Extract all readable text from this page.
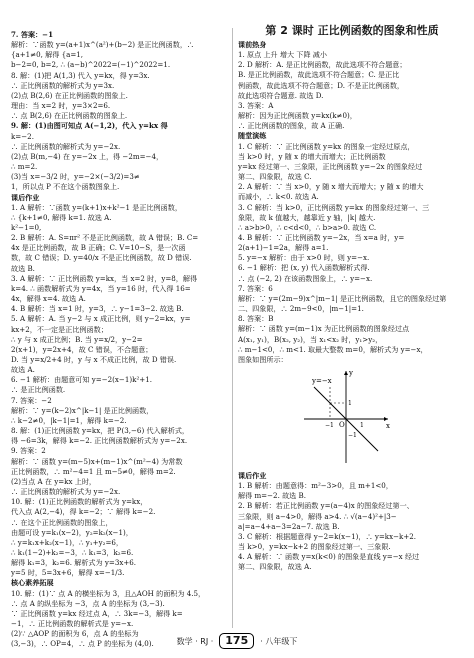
7. 答案：−1
解析：∵函数 y=(a+1)x^(a²)+(b−2) 是正比例函数，∴
{a+1≠0, 解得 {a=1,
b−2=0, b=2, ∴ (a−b)^2022=(−1)^2022=1.
8. 解：(1)把 A(1,3) 代入 y=kx，得 y=3x.
∴ 正比例函数的解析式为 y=3x.
(2)点 B(2,6) 在正比例函数的图象上.
理由：当 x=2 时，y=3×2=6.
∴ 点 B(2,6) 在正比例函数的图象上.
9. 解：(1)由图可知点 A(−1,2)，代入 y=kx 得
k=−2.
∴ 正比例函数的解析式为 y=−2x.
(2)点 B(m,−4) 在 y=−2x 上，得 −2m=−4，
∴ m=2.
(3)当 x=−3/2 时，y=−2×(−3/2)=3≠
1，所以点 P 不在这个函数图象上.
课后作业
1. A 解析：∵函数 y=(k+1)x+k²−1 是正比例函数，
∴ {k+1≠0, 解得 k=1. 故选 A.
k²−1=0,
2. B 解析：A. S=πr² 不是正比例函数，故 A 错误；B. C=
4x 是正比例函数，故 B 正确；C. V=10−S，是一次函
数，故 C 错误；D. y=40/x 不是正比例函数，故 D 错误.
故选 B.
3. A 解析：∵ 正比例函数 y=kx，当 x=2 时，y=8，解得
k=4. ∴ 函数解析式为 y=4x，当 y=16 时，代入得 16=
4x，解得 x=4. 故选 A.
4. B 解析：当 x=1 时，y=3，∴ y−1=3−2. 故选 B.
5. A 解析：A. 当 y−2 与 x 成正比例，则 y−2=kx，y=
kx+2，不一定是正比例函数；
∴ y 与 x 成正比例；B. 当 y=x/2，y−2=
2(x+1)，y=2x+4，故 C 错误，不合题意；
D. 当 y=x/2+4 时，y 与 x 不成正比例，故 D 错误.
故选 A.
6. −1 解析：由题意可知 y=−2(x−1)k²+1.
∴ 是正比例函数.
7. 答案：−2
解析：∵ y=(k−2)x^|k−1| 是正比例函数，
∴ k−2≠0，|k−1|=1，解得 k=−2.
8. 解：(1)正比例函数 y=kx，把 P(3,−6) 代入解析式，
得 −6=3k，解得 k=−2. 正比例函数解析式为 y=−2x.
9. 答案：2
解析：∵ 函数 y=(m−5)x+(m−1)x^(m²−4) 为常数
正比例函数，∴ m²−4=1 且 m−5≠0，解得 m=2.
(2)当点 A 在 y=kx 上时，
∴ 正比例函数的解析式为 y=−2x.
10. 解：(1)正比例函数的解析式为 y=kx，
代入点 A(2,−4)，得 k=−2；∵ 解得 k=−2.
∴ 在这个正比例函数的图象上，
由题可设 y=k₁(x−2)，y₂=k₂(x−1)，
∴ y=k₁x+k₂(x−1)，∴ y₁+y₂=6，
∴ k₁(1−2)+k₂=−3，∴ k₁=3，k₂=6.
解得 k₁=3，k₂=6. 解析式为 y=3x+6.
y=5 时，5=3x+6，解得 x=−1/3.
核心素养拓展
10. 解：(1)∵ 点 A 的横坐标为 3，且△AOH 的面积为 4.5，
∴ 点 A 的纵坐标为 −3，点 A 的坐标为 (3,−3).
∵ 正比例函数 y=kx 经过点 A，∴ 3k=−3，解得 k=
−1，∴ 正比例函数的解析式是 y=−x.
(2)∵ △AOP 的面积为 6，点 A 的坐标为
(3,−3)，∴ OP=4，∴ 点 P 的坐标为 (4,0).
第 2 课时 正比例函数的图象和性质
课前热身
1. 原点 上升 增大 下降 减小
2. D 解析：A. 是正比例函数，故此选项不符合题意；
B. 是正比例函数，故此选项不符合题意；C. 是正比
例函数，故此选项不符合题意；D. 不是正比例函数，
故此选项符合题意. 故选 D.
3. 答案：A
解析：因为正比例函数 y=kx(k≠0)，
∴ 正比例函数的图象，故 A 正确.
随堂演练
1. C 解析：∵ 正比例函数 y=kx 的图象一定经过原点，
当 k>0 时，y 随 x 的增大而增大；正比例函数
y=kx 经过第一、三象限，正比例函数 y=−2x 的图象经过
第二、四象限，故选 C.
2. A 解析：∵ 当 x>0，y 随 x 增大而增大；y 随 x 的增大
而减小，∴ k<0. 故选 A.
3. C 解析：当 k>0，正比例函数 y=kx 的图象经过第一、三
象限，故 k 值越大，越靠近 y 轴，|k| 越大.
∴ a>b>0，∴ c<d<0，∴ b>a>0. 故选 C.
4. B 解析：∵ 正比例函数 y=−2x，当 x=a 时，y=
2(a+1)−1=2a，解得 a=1.
5. y=−x 解析：由于 x>0 时，则 y=−x.
6. −1 解析：把 (x, y) 代入函数解析式得.
∴ 点 (−2, 2) 在该函数图象上，∴ y=−x.
7. 答案：6
解析：∵ y=(2m−9)x^|m−1| 是正比例函数，且它的图象经过第
二、四象限，∴ 2m−9<0，|m−1|=1.
8. 答案：B
解析：∵ 函数 y=(m−1)x 为正比例函数的图象经过点
A(x₁, y₁)，B(x₂, y₂)，当 x₁<x₂ 时，y₁>y₂，
∴ m−1<0，∴ m<1. 取最大整数 m=0，解析式为 y=−x，
图象如图所示：
y=−x
x
y
O	1
−1
1
−1
课后作业
1. B 解析：由题意得：m²−3>0，且 m+1<0，
解得 m=−2. 故选 B.
2. B 解析：若正比例函数 y=(a−4)x 的图象经过第一、
三象限，则 a−4>0，解得 a>4. ∴ √(a−4)²+|3−
a|=a−4+a−3=2a−7. 故选 B.
3. C 解析：根据题意得 y−2=k(x−1)，∴ y=kx−k+2.
当 k>0，y=kx−k+2 的图象经过第一、三象限.
4. A 解析：∵ 函数 y=x(k<0) 的图象是直线 y=−x 经过
第二、四象限，故选 A.
数学 · RJ ·	175	· 八年级下
